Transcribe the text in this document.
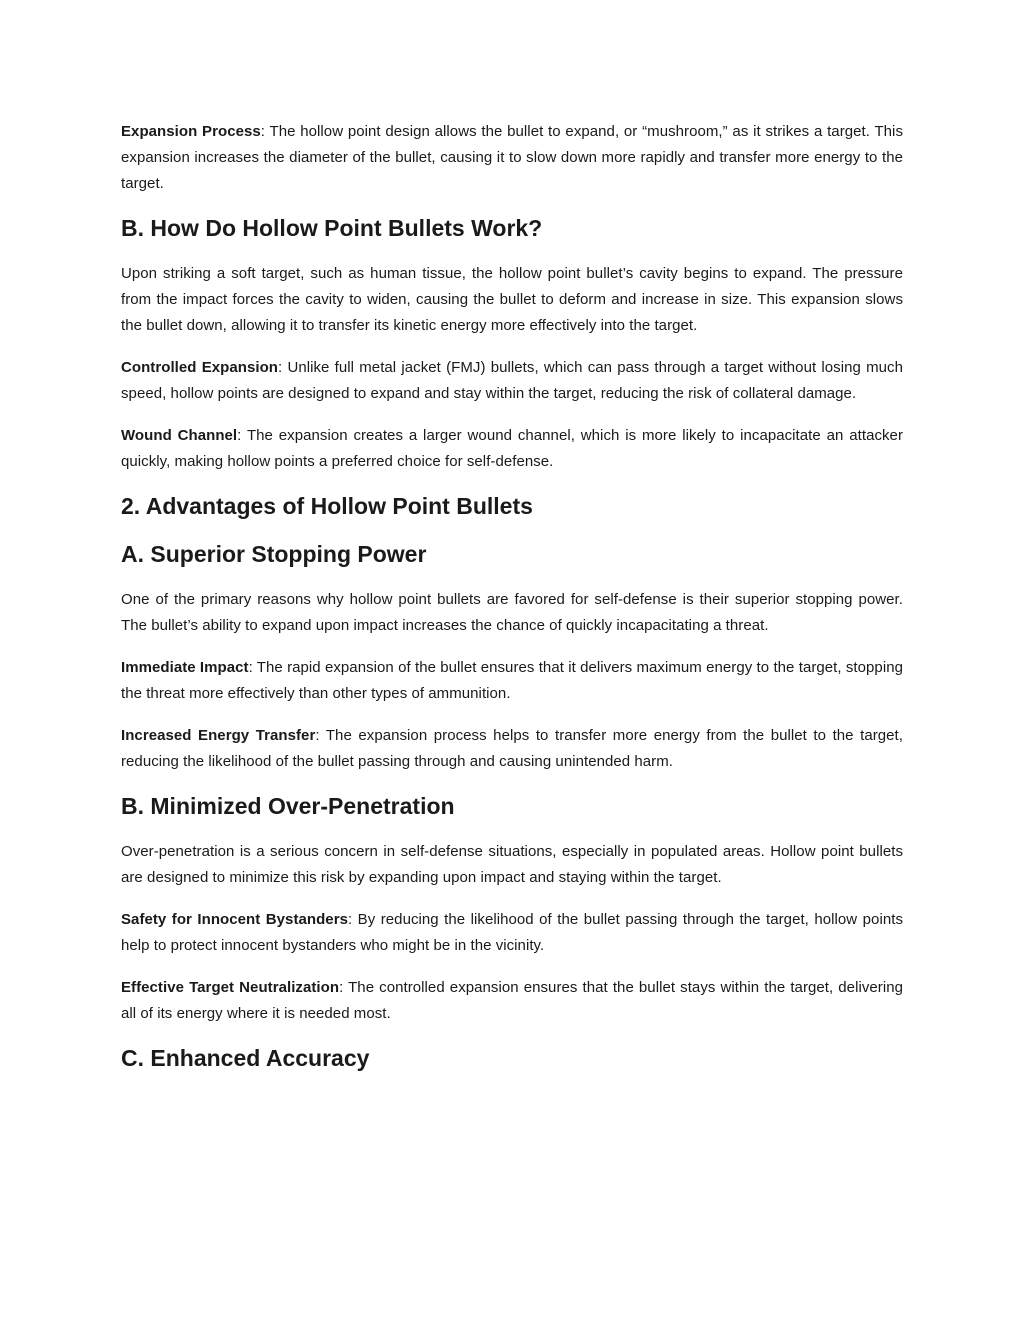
Expansion Process: The hollow point design allows the bullet to expand, or “mushroom,” as it strikes a target. This expansion increases the diameter of the bullet, causing it to slow down more rapidly and transfer more energy to the target.

B. How Do Hollow Point Bullets Work?

Upon striking a soft target, such as human tissue, the hollow point bullet’s cavity begins to expand. The pressure from the impact forces the cavity to widen, causing the bullet to deform and increase in size. This expansion slows the bullet down, allowing it to transfer its kinetic energy more effectively into the target.

Controlled Expansion: Unlike full metal jacket (FMJ) bullets, which can pass through a target without losing much speed, hollow points are designed to expand and stay within the target, reducing the risk of collateral damage.

Wound Channel: The expansion creates a larger wound channel, which is more likely to incapacitate an attacker quickly, making hollow points a preferred choice for self-defense.

2. Advantages of Hollow Point Bullets
A. Superior Stopping Power

One of the primary reasons why hollow point bullets are favored for self-defense is their superior stopping power. The bullet’s ability to expand upon impact increases the chance of quickly incapacitating a threat.

Immediate Impact: The rapid expansion of the bullet ensures that it delivers maximum energy to the target, stopping the threat more effectively than other types of ammunition.

Increased Energy Transfer: The expansion process helps to transfer more energy from the bullet to the target, reducing the likelihood of the bullet passing through and causing unintended harm.

B. Minimized Over-Penetration

Over-penetration is a serious concern in self-defense situations, especially in populated areas. Hollow point bullets are designed to minimize this risk by expanding upon impact and staying within the target.

Safety for Innocent Bystanders: By reducing the likelihood of the bullet passing through the target, hollow points help to protect innocent bystanders who might be in the vicinity.

Effective Target Neutralization: The controlled expansion ensures that the bullet stays within the target, delivering all of its energy where it is needed most.

C. Enhanced Accuracy
